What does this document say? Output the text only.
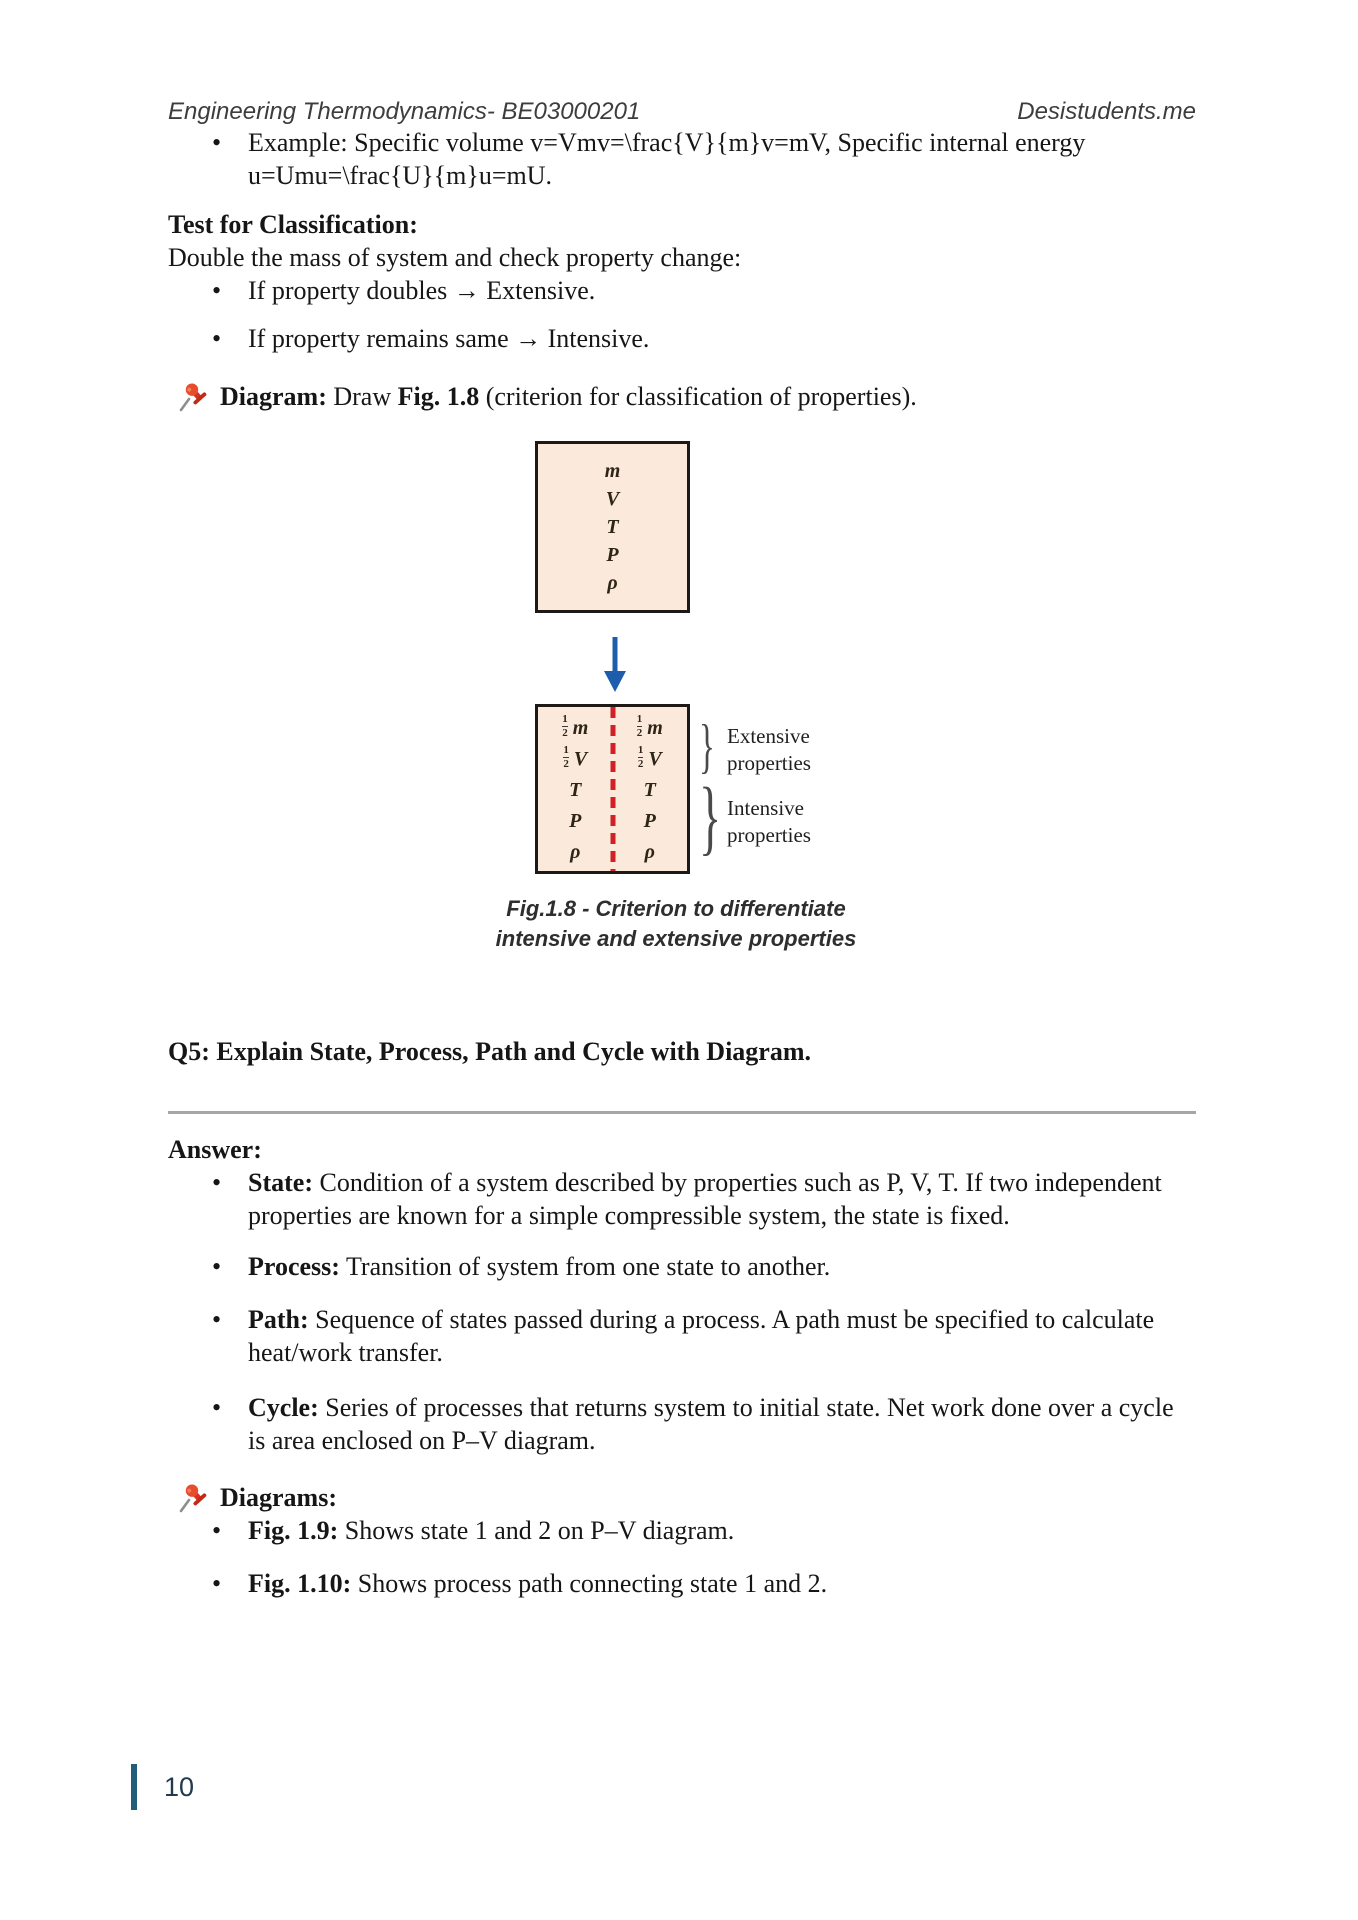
Engineering Thermodynamics- BE03000201	Desistudents.me
• Example: Specific volume v=Vmv=\frac{V}{m}v=mV, Specific internal energy u=Umu=\frac{U}{m}u=mU.
Test for Classification:
Double the mass of system and check property change:
• If property doubles → Extensive.
• If property remains same → Intensive.
Diagram: Draw Fig. 1.8 (criterion for classification of properties).
m
V
T
P
ρ
$\frac{1}{2}$ m
$\frac{1}{2}$ V
T
P
ρ
$\frac{1}{2}$ m
$\frac{1}{2}$ V
T
P
ρ
}
}
Extensive
properties
Intensive
properties
Fig.1.8 - Criterion to differentiate
intensive and extensive properties
Q5: Explain State, Process, Path and Cycle with Diagram.
Answer:
• State: Condition of a system described by properties such as P, V, T. If two independent properties are known for a simple compressible system, the state is fixed.
• Process: Transition of system from one state to another.
• Path: Sequence of states passed during a process. A path must be specified to calculate heat/work transfer.
• Cycle: Series of processes that returns system to initial state. Net work done over a cycle is area enclosed on P–V diagram.
Diagrams:
• Fig. 1.9: Shows state 1 and 2 on P–V diagram.
• Fig. 1.10: Shows process path connecting state 1 and 2.
10
